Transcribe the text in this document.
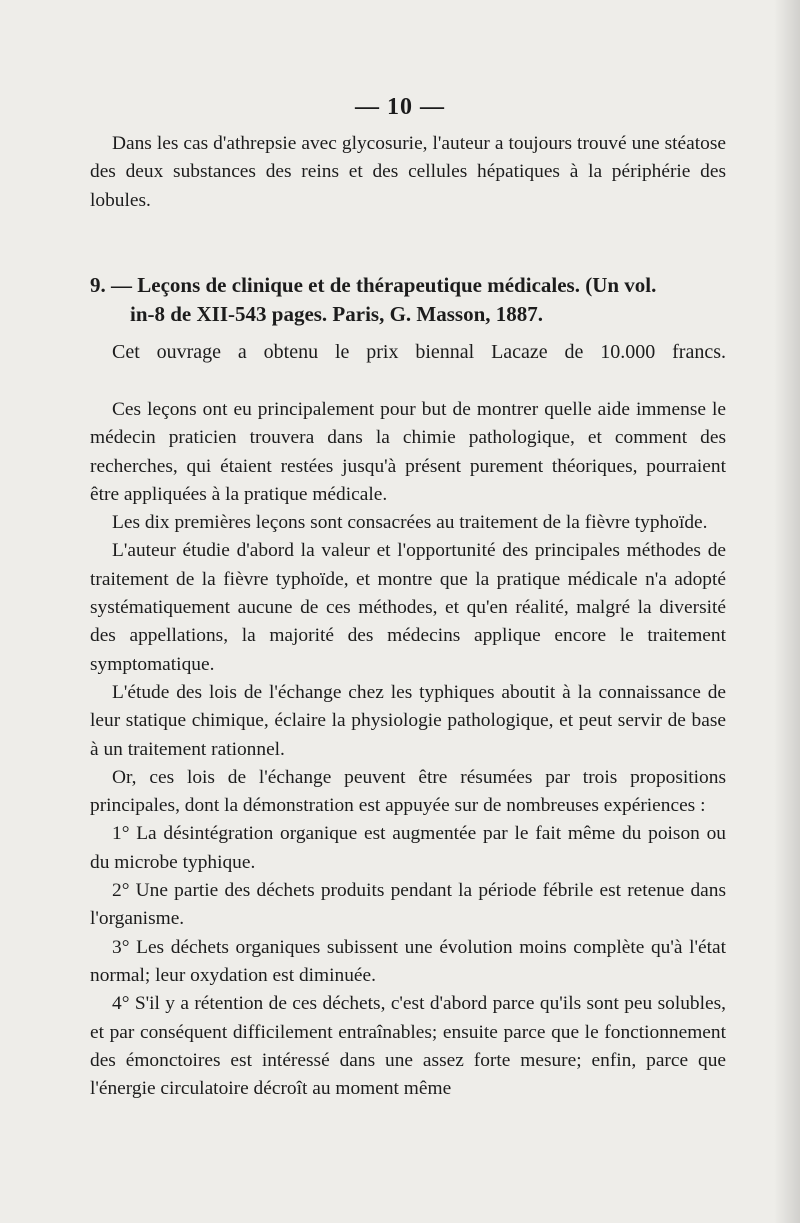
— 10 —

Dans les cas d'athrepsie avec glycosurie, l'auteur a toujours trouvé une stéatose des deux substances des reins et des cellules hépatiques à la périphérie des lobules.

9. — Leçons de clinique et de thérapeutique médicales. (Un vol.
in-8 de XII-543 pages. Paris, G. Masson, 1887.
Cet ouvrage a obtenu le prix biennal Lacaze de 10.000 francs.

Ces leçons ont eu principalement pour but de montrer quelle aide immense le médecin praticien trouvera dans la chimie pathologique, et comment des recherches, qui étaient restées jusqu'à présent purement théoriques, pourraient être appliquées à la pratique médicale.

Les dix premières leçons sont consacrées au traitement de la fièvre typhoïde.

L'auteur étudie d'abord la valeur et l'opportunité des principales méthodes de traitement de la fièvre typhoïde, et montre que la pratique médicale n'a adopté systématiquement aucune de ces méthodes, et qu'en réalité, malgré la diversité des appellations, la majorité des médecins applique encore le traitement symptomatique.

L'étude des lois de l'échange chez les typhiques aboutit à la connaissance de leur statique chimique, éclaire la physiologie pathologique, et peut servir de base à un traitement rationnel.

Or, ces lois de l'échange peuvent être résumées par trois propositions principales, dont la démonstration est appuyée sur de nombreuses expériences :

1° La désintégration organique est augmentée par le fait même du poison ou du microbe typhique.

2° Une partie des déchets produits pendant la période fébrile est retenue dans l'organisme.

3° Les déchets organiques subissent une évolution moins complète qu'à l'état normal; leur oxydation est diminuée.

4° S'il y a rétention de ces déchets, c'est d'abord parce qu'ils sont peu solubles, et par conséquent difficilement entraînables; ensuite parce que le fonctionnement des émonctoires est intéressé dans une assez forte mesure; enfin, parce que l'énergie circulatoire décroît au moment même
